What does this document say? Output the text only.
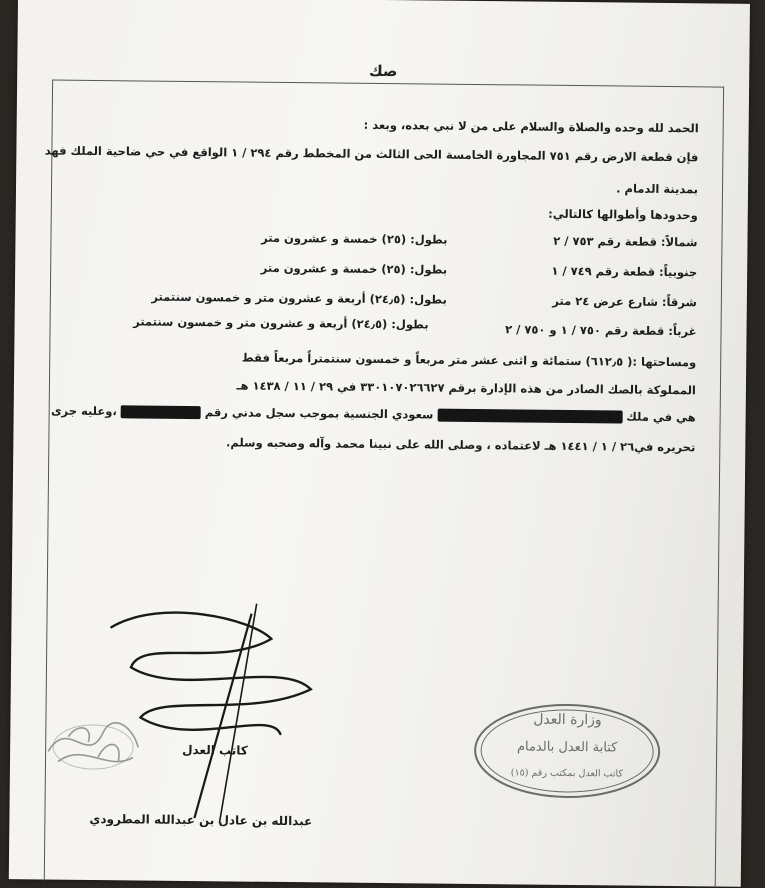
صك
الحمد لله وحده والصلاة والسلام على من لا نبي بعده، وبعد :
فإن قطعة الارض رقم ٧٥١ المجاورة الخامسة الحى الثالث من المخطط رقم ٢٩٤ / ١ الواقع في حي ضاحية الملك فهد
بمدينة الدمام .
وحدودها وأطوالها كالتالي:
شمالاً: قطعة رقم ٧٥٣ / ٢
بطول: (٢٥) خمسة و عشرون متر
جنوبياً: قطعة رقم ٧٤٩ / ١
بطول: (٢٥) خمسة و عشرون متر
شرقاً: شارع عرض ٢٤ متر
بطول: (٢٤٫٥) أربعة و عشرون متر و خمسون سنتمتر
غرباً: قطعة رقم ٧٥٠ / ١ و ٧٥٠ / ٢
بطول: (٢٤٫٥) أربعة و عشرون متر و خمسون سنتمتر
ومساحتها :( ٦١٢٫٥) ستمائة و اثنى عشر متر مربعاً و خمسون سنتمتراً مربعاً فقط
المملوكة بالصك الصادر من هذه الإدارة برقم ٣٣٠١٠٧٠٢٦٦٢٧ في ٢٩ / ١١ / ١٤٣٨ هـ
هي في ملك  سعودي الجنسية بموجب سجل مدني رقم  ،وعليه جرى
تحريره في٢٦ / ١ / ١٤٤١ هـ لاعتماده ، وصلى الله على نبينا محمد وآله وصحبه وسلم.
كاتب العدل
عبدالله بن عادل بن عبدالله المطرودي
وزارة العدل
كتابة العدل بالدمام
كاتب العدل بمكتب رقم (١٥)
